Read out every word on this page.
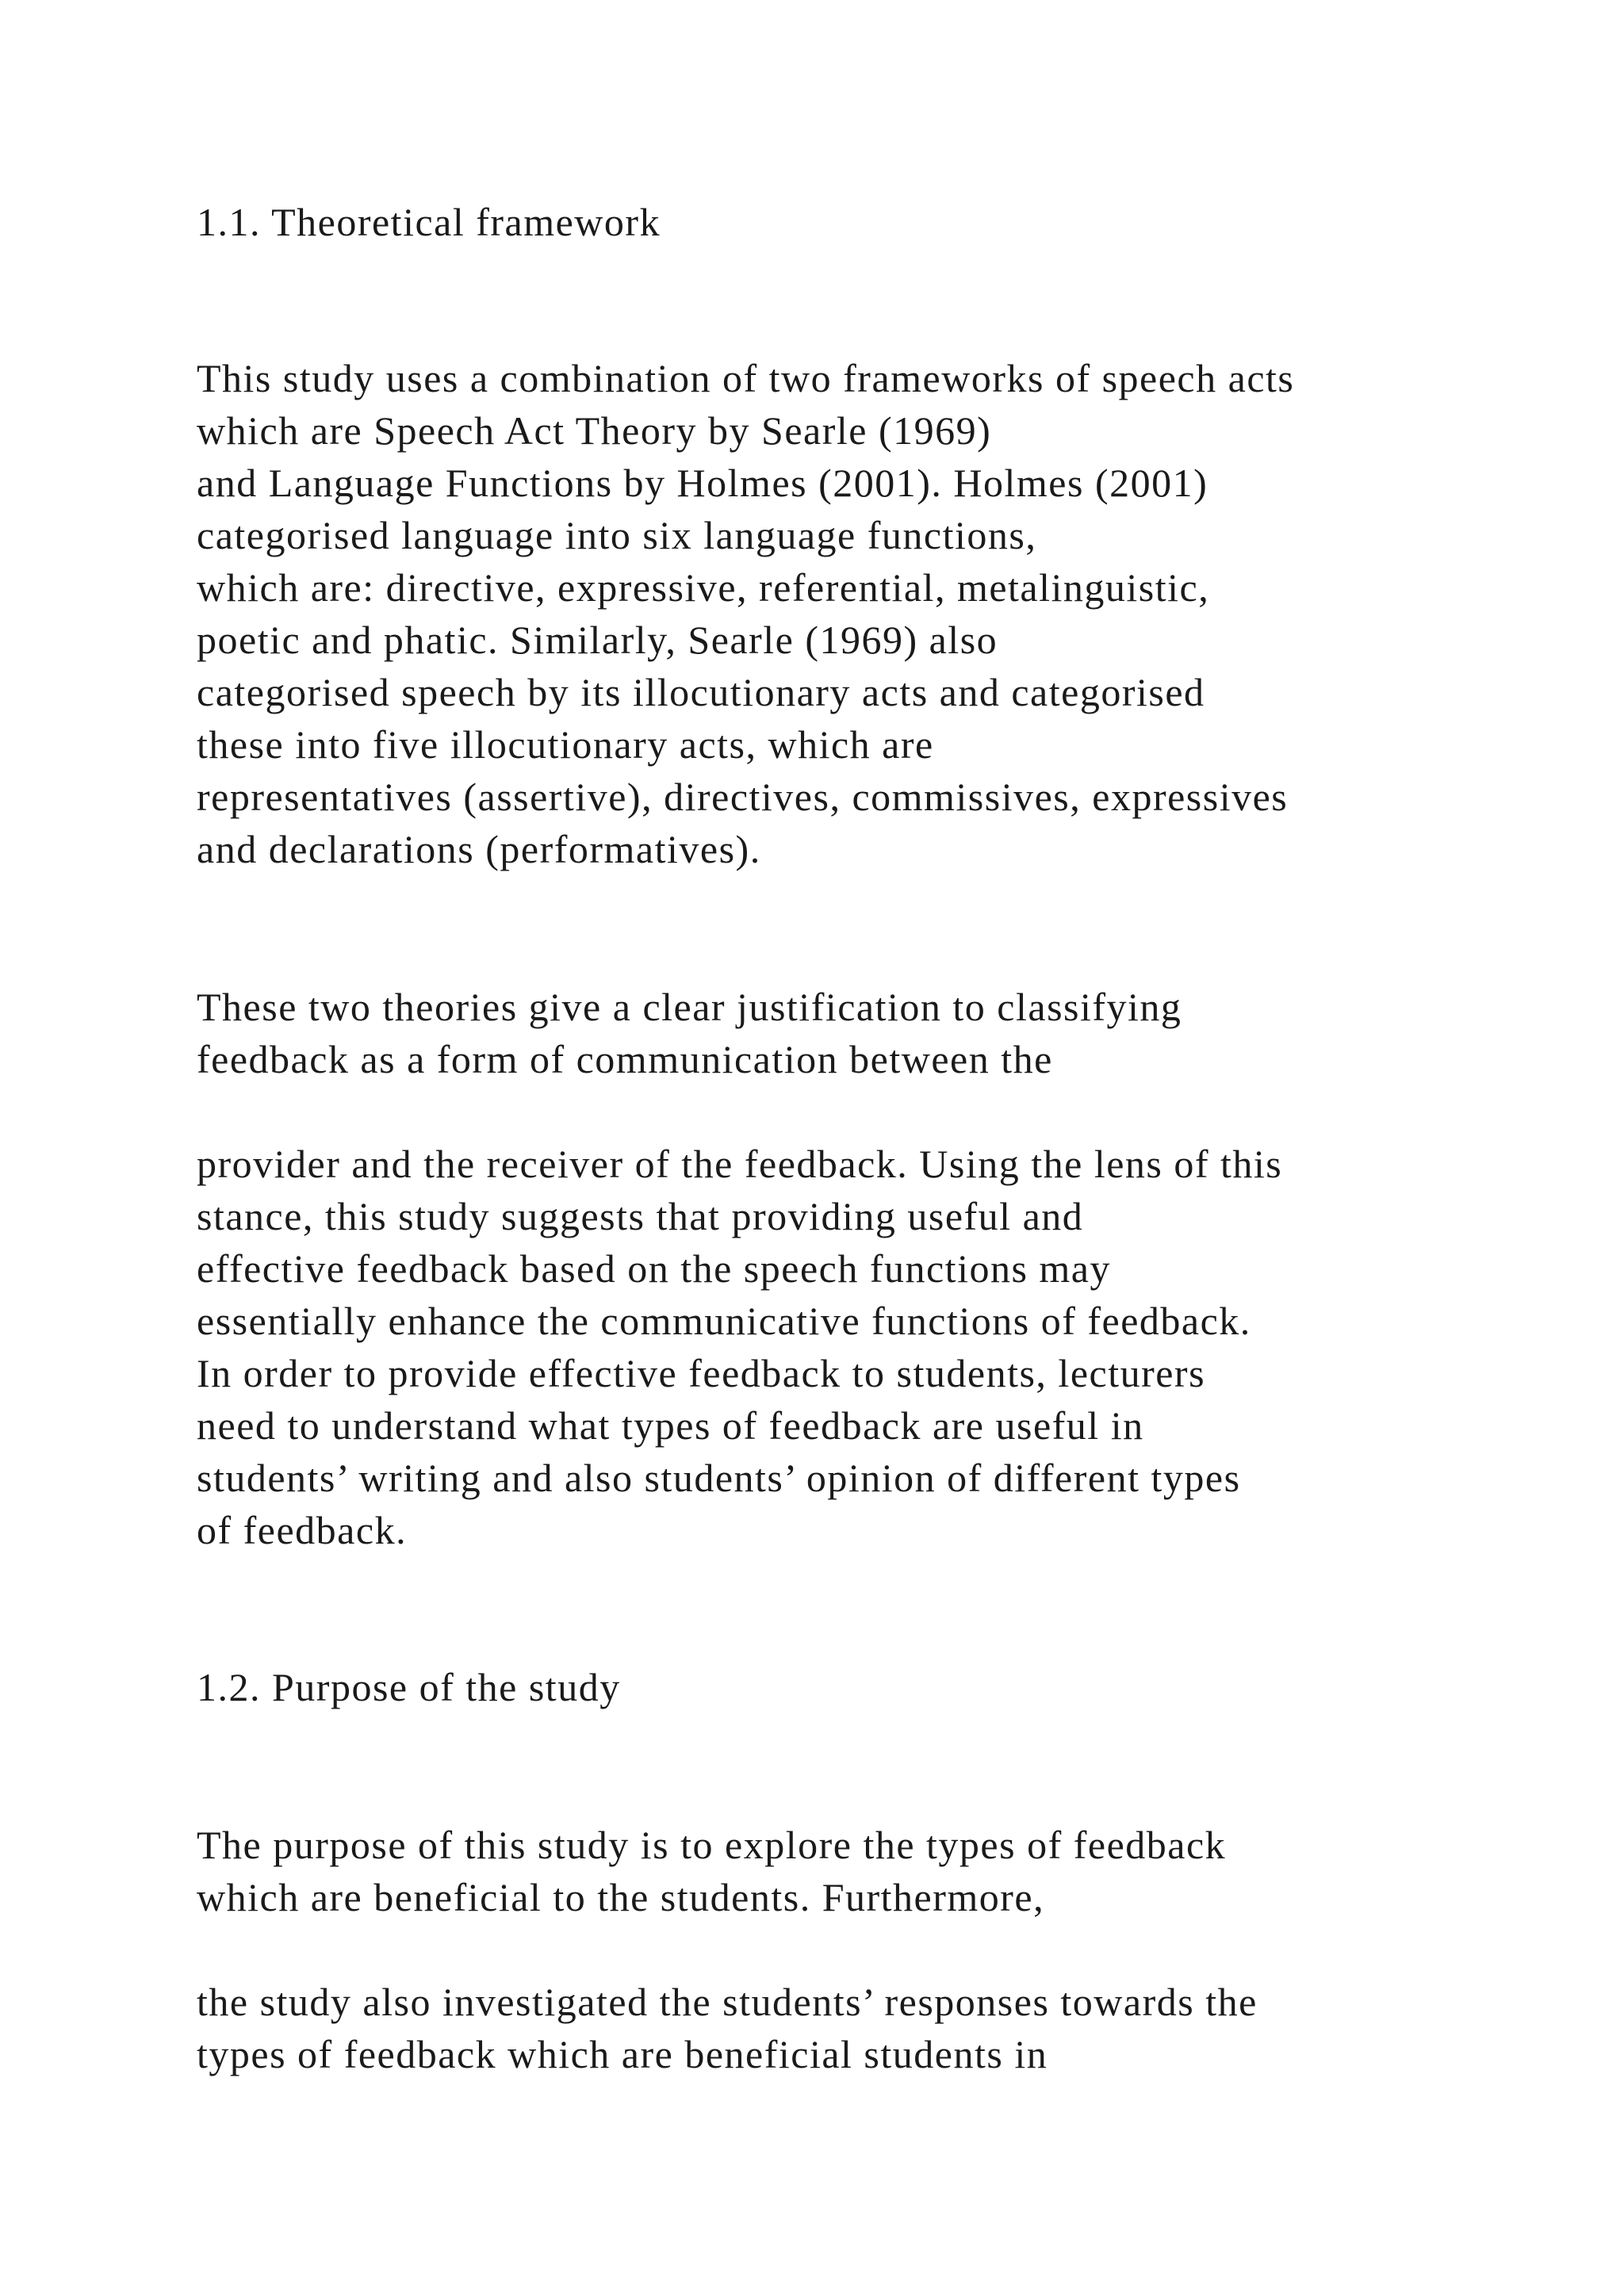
1.1. Theoretical framework
This study uses a combination of two frameworks of speech acts
which are Speech Act Theory by Searle (1969)
and Language Functions by Holmes (2001). Holmes (2001)
categorised language into six language functions,
which are: directive, expressive, referential, metalinguistic,
poetic and phatic. Similarly, Searle (1969) also
categorised speech by its illocutionary acts and categorised
these into five illocutionary acts, which are
representatives (assertive), directives, commissives, expressives
and declarations (performatives).
These two theories give a clear justification to classifying
feedback as a form of communication between the
provider and the receiver of the feedback. Using the lens of this
stance, this study suggests that providing useful and
effective feedback based on the speech functions may
essentially enhance the communicative functions of feedback.
In order to provide effective feedback to students, lecturers
need to understand what types of feedback are useful in
students’ writing and also students’ opinion of different types
of feedback.
1.2. Purpose of the study
The purpose of this study is to explore the types of feedback
which are beneficial to the students. Furthermore,
the study also investigated the students’ responses towards the
types of feedback which are beneficial students in
